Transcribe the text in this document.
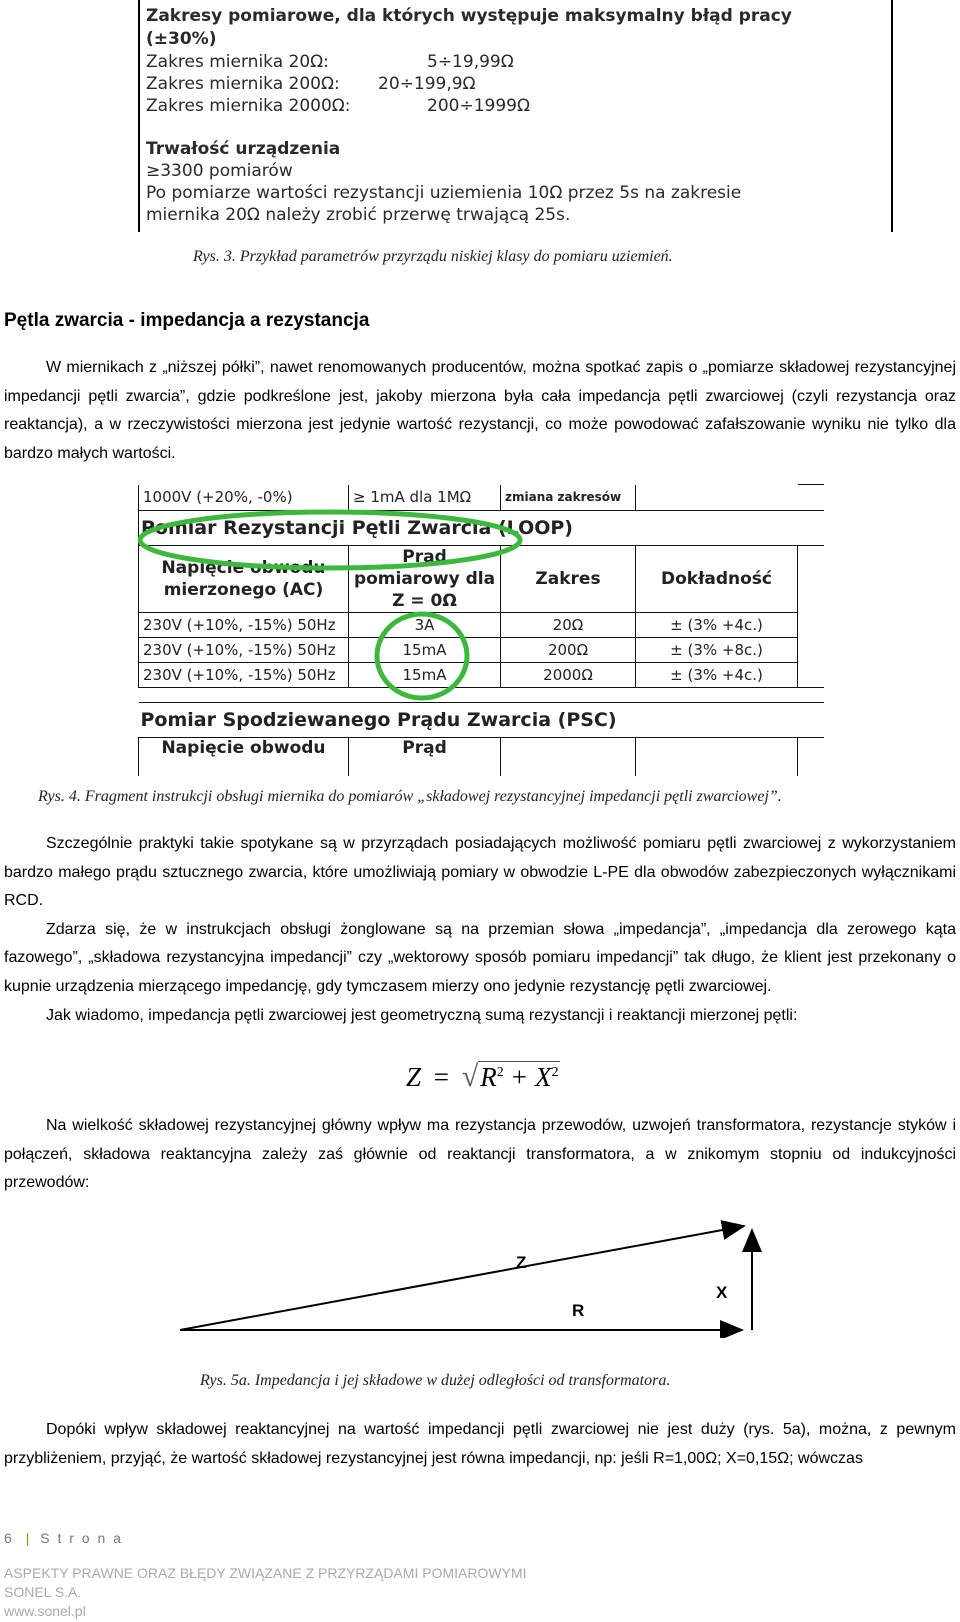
Zakresy pomiarowe, dla których występuje maksymalny błąd pracy
(±30%)
Zakres miernika 20Ω:	5÷19,99Ω
Zakres miernika 200Ω: 20÷199,9Ω
Zakres miernika 2000Ω:	200÷1999Ω
Trwałość urządzenia
≥3300 pomiarów
Po pomiarze wartości rezystancji uziemienia 10Ω przez 5s na zakresie
miernika 20Ω należy zrobić przerwę trwającą 25s.
Rys. 3. Przykład parametrów przyrządu niskiej klasy do pomiaru uziemień.
Pętla zwarcia - impedancja a rezystancja

W miernikach z „niższej półki”, nawet renomowanych producentów, można spotkać zapis o „pomiarze składowej rezystancyjnej impedancji pętli zwarcia”, gdzie podkreślone jest, jakoby mierzona była cała impedancja pętli zwarciowej (czyli rezystancja oraz reaktancja), a w rzeczywistości mierzona jest jedynie wartość rezystancji, co może powodować zafałszowanie wyniku nie tylko dla bardzo małych wartości.

1000V (+20%, -0%)	≥ 1mA dla 1MΩ	zmiana zakresów		
Pomiar Rezystancji Pętli Zwarcia (LOOP)				
Napięcie obwodu mierzonego (AC)	Prąd pomiarowy dla Z = 0Ω	Zakres	Dokładność	
230V (+10%, -15%) 50Hz	3A	20Ω	± (3% +4c.)	
230V (+10%, -15%) 50Hz	15mA	200Ω	± (3% +8c.)	
230V (+10%, -15%) 50Hz	15mA	2000Ω	± (3% +4c.)	

Pomiar Spodziewanego Prądu Zwarcia (PSC)				
Napięcie obwodu	Prąd			
Rys. 4. Fragment instrukcji obsługi miernika do pomiarów „składowej rezystancyjnej impedancji pętli zwarciowej”.

Szczególnie praktyki takie spotykane są w przyrządach posiadających możliwość pomiaru pętli zwarciowej z wykorzystaniem bardzo małego prądu sztucznego zwarcia, które umożliwiają pomiary w obwodzie L-PE dla obwodów zabezpieczonych wyłącznikami RCD.

Zdarza się, że w instrukcjach obsługi żonglowane są na przemian słowa „impedancja”, „impedancja dla zerowego kąta fazowego”, „składowa rezystancyjna impedancji” czy „wektorowy sposób pomiaru impedancji” tak długo, że klient jest przekonany o kupnie urządzenia mierzącego impedancję, gdy tymczasem mierzy ono jedynie rezystancję pętli zwarciowej.

Jak wiadomo, impedancja pętli zwarciowej jest geometryczną sumą rezystancji i reaktancji mierzonej pętli:

$Z = √R^2 + X^2$

Na wielkość składowej rezystancyjnej główny wpływ ma rezystancja przewodów, uzwojeń transformatora, rezystancje styków i połączeń, składowa reaktancyjna zależy zaś głównie od reaktancji transformatora, a w znikomym stopniu od indukcyjności przewodów:

Z
R
X
Rys. 5a. Impedancja i jej składowe w dużej odległości od transformatora.

Dopóki wpływ składowej reaktancyjnej na wartość impedancji pętli zwarciowej nie jest duży (rys. 5a), można, z pewnym przybliżeniem, przyjąć, że wartość składowej rezystancyjnej jest równa impedancji, np: jeśli R=1,00Ω; X=0,15Ω; wówczas

6 | S t r o n a
ASPEKTY PRAWNE ORAZ BŁĘDY ZWIĄZANE Z PRZYRZĄDAMI POMIAROWYMI
SONEL S.A.
www.sonel.pl
